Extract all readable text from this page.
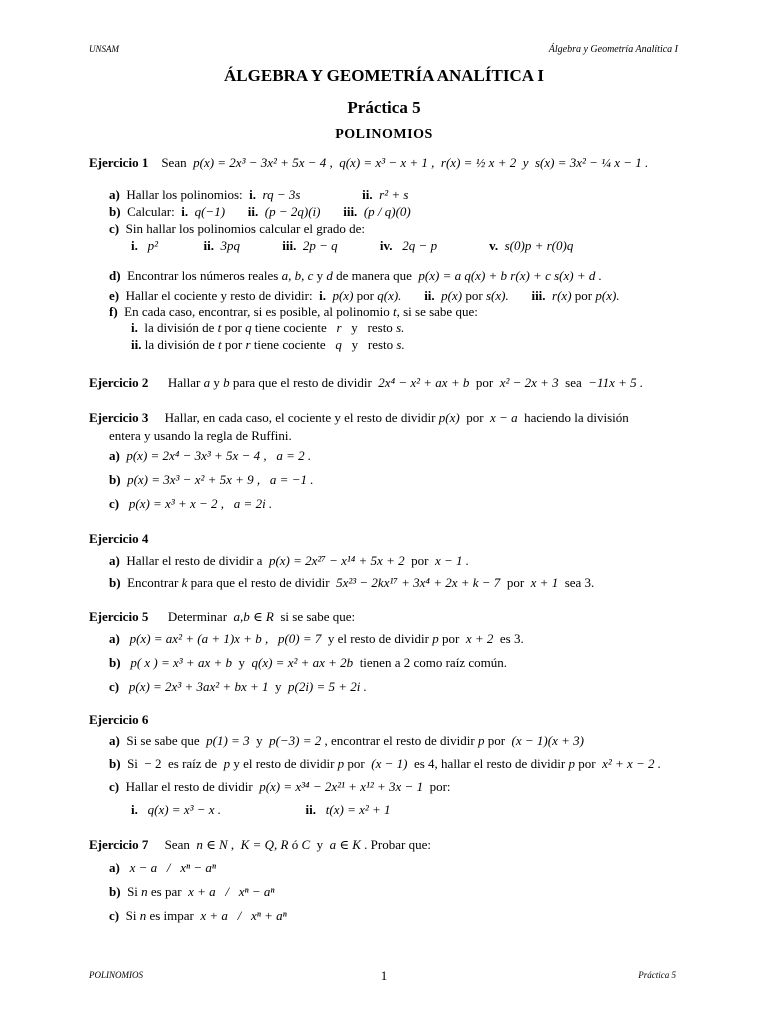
UNSAM	Álgebra y Geometría Analítica I
ÁLGEBRA Y GEOMETRÍA ANALÍTICA I
Práctica 5
POLINOMIOS
Ejercicio 1    Sean  p(x) = 2x³ − 3x² + 5x − 4 ,  q(x) = x³ − x + 1 ,  r(x) = ½ x + 2  y  s(x) = 3x² − ¼ x − 1 .
a)  Hallar los polinomios:  i.  rq − 3s	ii.  r² + s
b)  Calcular:  i.  q(−1) ii.  (p − 2q)(i) iii.  (p / q)(0)
c)  Sin hallar los polinomios calcular el grado de:
i.   p²	ii.  3pq	iii.  2p − q	iv.   2q − p	v.  s(0)p + r(0)q
d)  Encontrar los números reales a, b, c y d de manera que  p(x) = a q(x) + b r(x) + c s(x) + d .
e)  Hallar el cociente y resto de dividir:  i. p(x) por q(x). ii. p(x) por s(x). iii. r(x) por p(x).
f)  En cada caso, encontrar, si es posible, al polinomio t, si se sabe que:
i.  la división de t por q tiene cociente   r   y   resto s.
ii. la división de t por r tiene cociente   q   y   resto s.
Ejercicio 2      Hallar a y b para que el resto de dividir  2x⁴ − x² + ax + b  por  x² − 2x + 3  sea  −11x + 5 .
Ejercicio 3     Hallar, en cada caso, el cociente y el resto de dividir p(x)  por  x − a  haciendo la división
entera y usando la regla de Ruffini.
a) p(x) = 2x⁴ − 3x³ + 5x − 4 ,   a = 2 .
b) p(x) = 3x³ − x² + 5x + 9 ,   a = −1 .
c) p(x) = x³ + x − 2 ,   a = 2i .
Ejercicio 4
a)  Hallar el resto de dividir a  p(x) = 2x²⁷ − x¹⁴ + 5x + 2  por  x − 1 .
b)  Encontrar k para que el resto de dividir  5x²³ − 2kx¹⁷ + 3x⁴ + 2x + k − 7  por  x + 1  sea 3.
Ejercicio 5      Determinar  a,b ∈ R  si se sabe que:
a) p(x) = ax² + (a + 1)x + b ,   p(0) = 7  y el resto de dividir p por  x + 2  es 3.
b) p( x ) = x³ + ax + b  y  q(x) = x² + ax + 2b  tienen a 2 como raíz común.
c) p(x) = 2x³ + 3ax² + bx + 1  y  p(2i) = 5 + 2i .
Ejercicio 6
a)  Si se sabe que  p(1) = 3  y  p(−3) = 2 , encontrar el resto de dividir p por  (x − 1)(x + 3)
b)  Si  − 2  es raíz de  p y el resto de dividir p por  (x − 1)  es 4, hallar el resto de dividir p por  x² + x − 2 .
c)  Hallar el resto de dividir  p(x) = x³⁴ − 2x²¹ + x¹² + 3x − 1  por:
i. q(x) = x³ − x .	ii. t(x) = x² + 1
Ejercicio 7     Sean  n ∈ N ,  K = Q, R ó C  y  a ∈ K . Probar que:
a) x − a   /   xⁿ − aⁿ
b)  Si n es par  x + a   /   xⁿ − aⁿ
c)  Si n es impar  x + a   /   xⁿ + aⁿ
POLINOMIOS	1	Práctica 5
